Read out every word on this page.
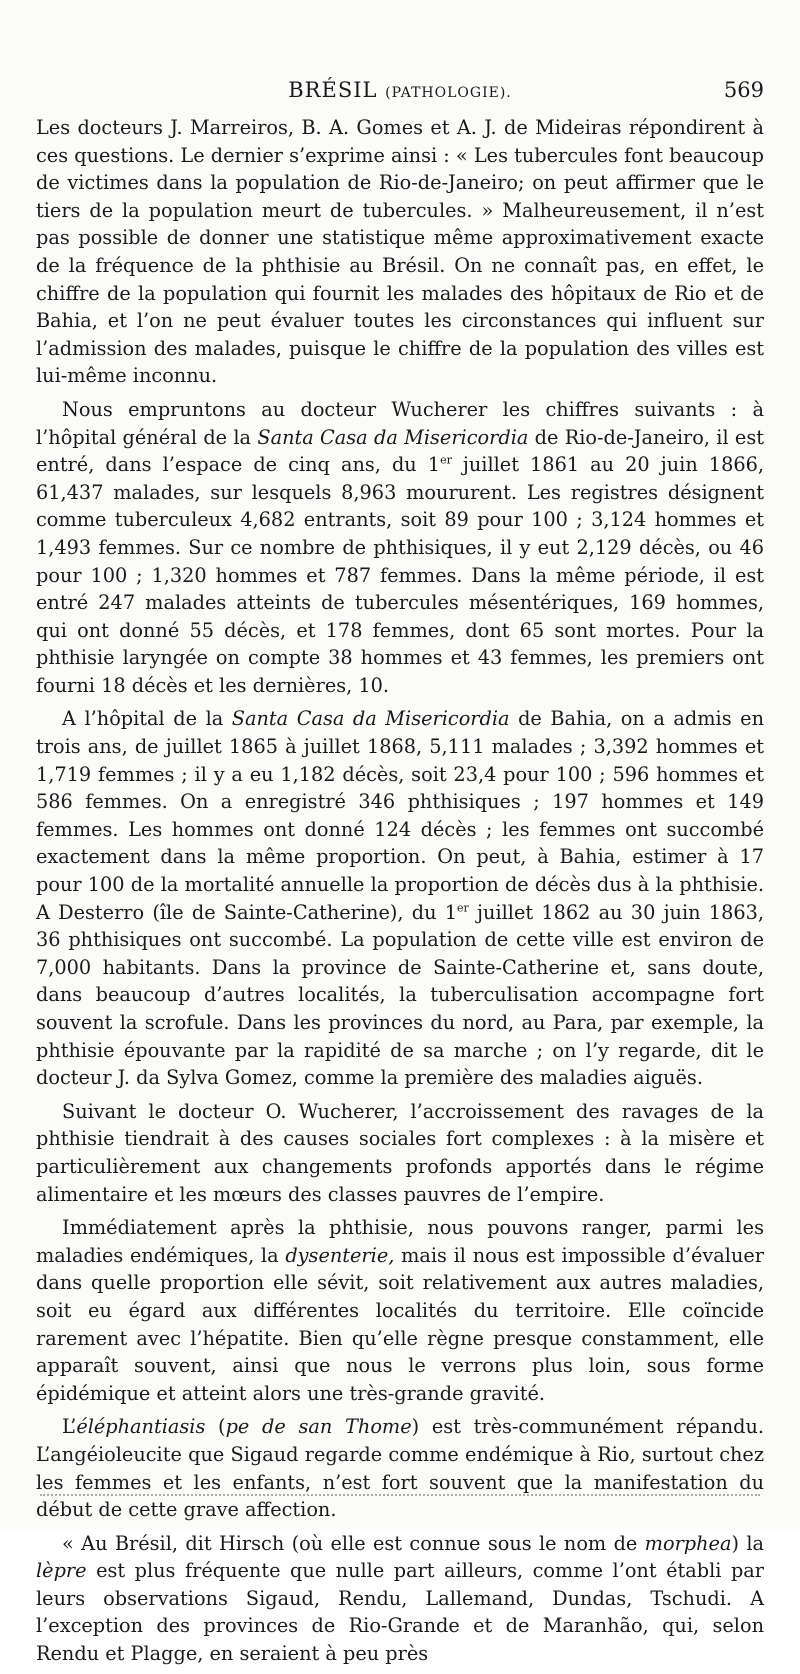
BRÉSIL (PATHOLOGIE).	569

Les docteurs J. Marreiros, B. A. Gomes et A. J. de Mideiras répondirent à ces questions. Le dernier s’exprime ainsi : « Les tubercules font beaucoup de victimes dans la population de Rio-de-Janeiro; on peut affirmer que le tiers de la population meurt de tubercules. » Malheureusement, il n’est pas possible de donner une statistique même approximativement exacte de la fréquence de la phthisie au Brésil. On ne connaît pas, en effet, le chiffre de la population qui fournit les malades des hôpitaux de Rio et de Bahia, et l’on ne peut évaluer toutes les circonstances qui influent sur l’admission des malades, puisque le chiffre de la population des villes est lui-même inconnu.

Nous empruntons au docteur Wucherer les chiffres suivants : à l’hôpital général de la Santa Casa da Misericordia de Rio-de-Janeiro, il est entré, dans l’espace de cinq ans, du 1er juillet 1861 au 20 juin 1866, 61,437 malades, sur lesquels 8,963 moururent. Les registres désignent comme tuberculeux 4,682 entrants, soit 89 pour 100 ; 3,124 hommes et 1,493 femmes. Sur ce nombre de phthisiques, il y eut 2,129 décès, ou 46 pour 100 ; 1,320 hommes et 787 femmes. Dans la même période, il est entré 247 malades atteints de tubercules mésentériques, 169 hommes, qui ont donné 55 décès, et 178 femmes, dont 65 sont mortes. Pour la phthisie laryngée on compte 38 hommes et 43 femmes, les premiers ont fourni 18 décès et les dernières, 10.

A l’hôpital de la Santa Casa da Misericordia de Bahia, on a admis en trois ans, de juillet 1865 à juillet 1868, 5,111 malades ; 3,392 hommes et 1,719 femmes ; il y a eu 1,182 décès, soit 23,4 pour 100 ; 596 hommes et 586 femmes. On a enregistré 346 phthisiques ; 197 hommes et 149 femmes. Les hommes ont donné 124 décès ; les femmes ont succombé exactement dans la même proportion. On peut, à Bahia, estimer à 17 pour 100 de la mortalité annuelle la proportion de décès dus à la phthisie. A Desterro (île de Sainte-Catherine), du 1er juillet 1862 au 30 juin 1863, 36 phthisiques ont succombé. La population de cette ville est environ de 7,000 habitants. Dans la province de Sainte-Catherine et, sans doute, dans beaucoup d’autres localités, la tuberculisation accompagne fort souvent la scrofule. Dans les provinces du nord, au Para, par exemple, la phthisie épouvante par la rapidité de sa marche ; on l’y regarde, dit le docteur J. da Sylva Gomez, comme la première des maladies aiguës.

Suivant le docteur O. Wucherer, l’accroissement des ravages de la phthisie tiendrait à des causes sociales fort complexes : à la misère et particulièrement aux changements profonds apportés dans le régime alimentaire et les mœurs des classes pauvres de l’empire.

Immédiatement après la phthisie, nous pouvons ranger, parmi les maladies endémiques, la dysenterie, mais il nous est impossible d’évaluer dans quelle proportion elle sévit, soit relativement aux autres maladies, soit eu égard aux différentes localités du territoire. Elle coïncide rarement avec l’hépatite. Bien qu’elle règne presque constamment, elle apparaît souvent, ainsi que nous le verrons plus loin, sous forme épidémique et atteint alors une très-grande gravité.

L’éléphantiasis (pe de san Thome) est très-communément répandu. L’angéioleucite que Sigaud regarde comme endémique à Rio, surtout chez les femmes et les enfants, n’est fort souvent que la manifestation du début de cette grave affection.

« Au Brésil, dit Hirsch (où elle est connue sous le nom de morphea) la lèpre est plus fréquente que nulle part ailleurs, comme l’ont établi par leurs observations Sigaud, Rendu, Lallemand, Dundas, Tschudi. A l’exception des provinces de Rio-Grande et de Maranhão, qui, selon Rendu et Plagge, en seraient à peu près
